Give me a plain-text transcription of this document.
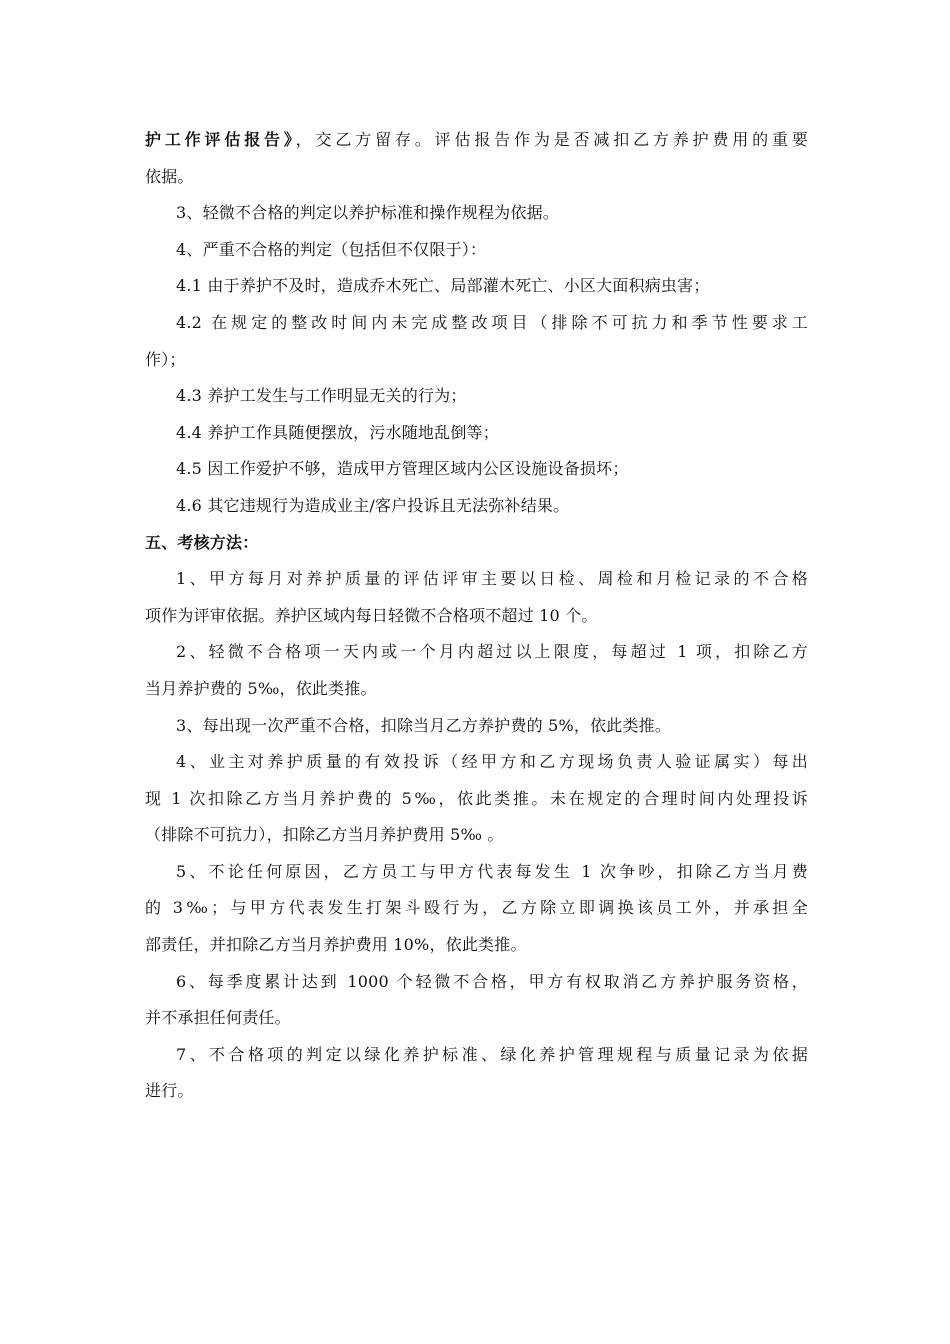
护工作评估报告》，交乙方留存。评估报告作为是否减扣乙方养护费用的重要
依据。
3、轻微不合格的判定以养护标准和操作规程为依据。
4、严重不合格的判定（包括但不仅限于）：
4.1 由于养护不及时，造成乔木死亡、局部灌木死亡、小区大面积病虫害；
4.2 在规定的整改时间内未完成整改项目（排除不可抗力和季节性要求工
作）；
4.3 养护工发生与工作明显无关的行为；
4.4 养护工作具随便摆放，污水随地乱倒等；
4.5 因工作爱护不够，造成甲方管理区域内公区设施设备损坏；
4.6 其它违规行为造成业主/客户投诉且无法弥补结果。
五、考核方法：
1、甲方每月对养护质量的评估评审主要以日检、周检和月检记录的不合格
项作为评审依据。养护区域内每日轻微不合格项不超过 10 个。
2、轻微不合格项一天内或一个月内超过以上限度，每超过 1 项，扣除乙方
当月养护费的 5‰，依此类推。
3、每出现一次严重不合格，扣除当月乙方养护费的 5%，依此类推。
4、业主对养护质量的有效投诉（经甲方和乙方现场负责人验证属实）每出
现 1 次扣除乙方当月养护费的 5‰，依此类推。未在规定的合理时间内处理投诉
（排除不可抗力），扣除乙方当月养护费用 5‰ 。
5、不论任何原因，乙方员工与甲方代表每发生 1 次争吵，扣除乙方当月费
的 3‰；与甲方代表发生打架斗殴行为，乙方除立即调换该员工外，并承担全
部责任，并扣除乙方当月养护费用 10%，依此类推。
6、每季度累计达到 1000 个轻微不合格，甲方有权取消乙方养护服务资格，
并不承担任何责任。
7、不合格项的判定以绿化养护标准、绿化养护管理规程与质量记录为依据
进行。
